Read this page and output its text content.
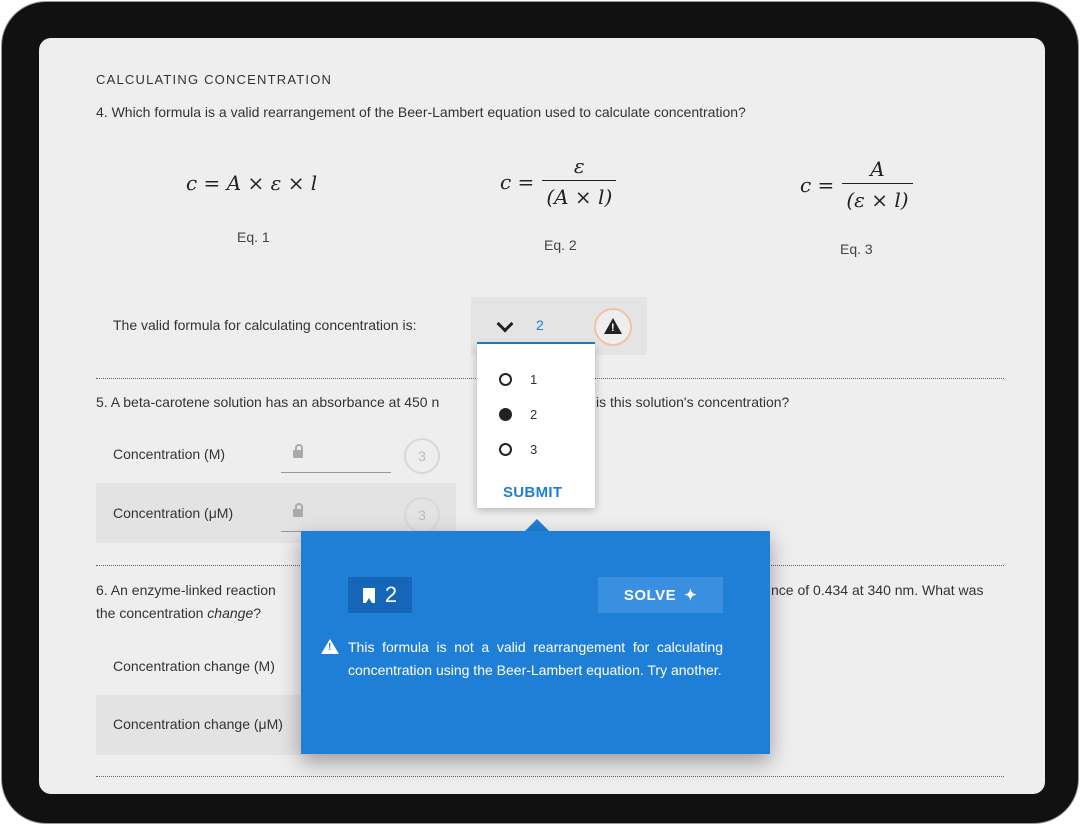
CALCULATING CONCENTRATION
4. Which formula is a valid rearrangement of the Beer-Lambert equation used to calculate concentration?
c =
A × ε × l
Eq. 1
$c = \frac{\varepsilon}{(A \times l)}$
Eq. 2
$c = \frac{A}{(\varepsilon \times l)}$
Eq. 3
The valid formula for calculating concentration is:	2	!
5. A beta-carotene solution has an absorbance at 450 n	is this solution's concentration?
Concentration (M)	3
Concentration (μM)	3
6. An enzyme-linked reaction	nce of 0.434 at 340 nm. What was
the concentration change?
Concentration change (M)
Concentration change (μM)
1
2
3
SUBMIT
2	SOLVE ✦
! This formula is not a valid rearrangement for calculating concentration using the Beer-Lambert equation. Try another.
